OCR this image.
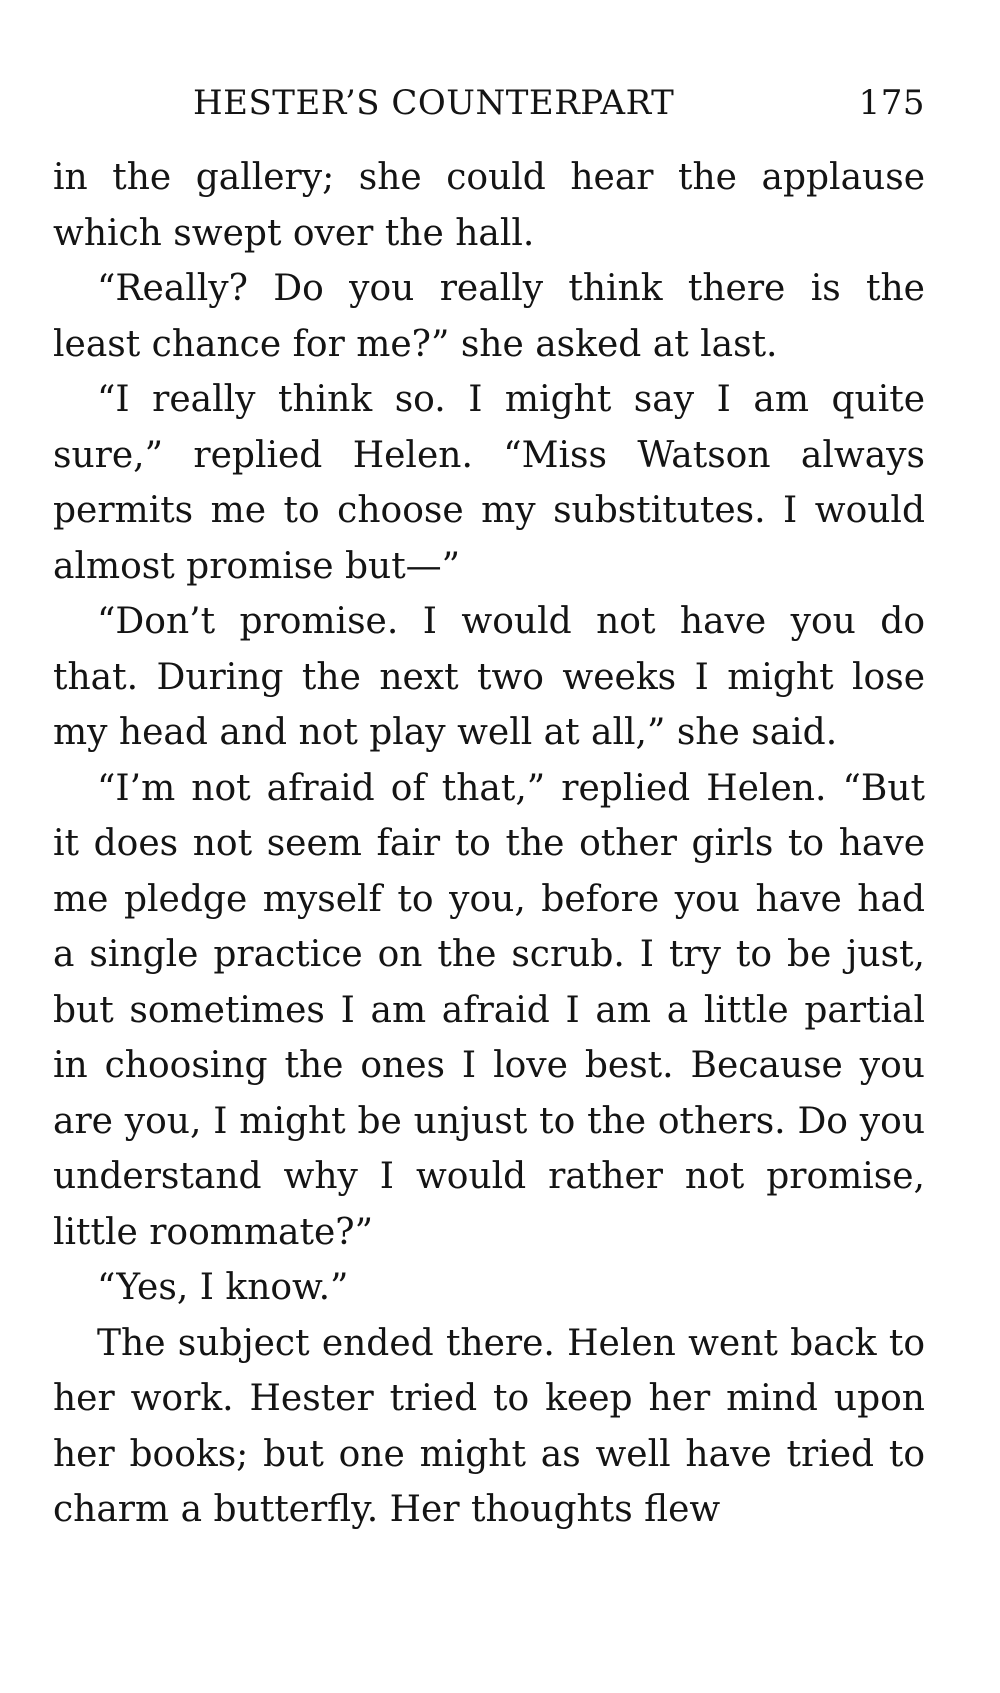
HESTER’S COUNTERPART	175

in the gallery; she could hear the applause which swept over the hall.

“Really? Do you really think there is the least chance for me?” she asked at last.

“I really think so. I might say I am quite sure,” replied Helen. “Miss Watson always permits me to choose my substitutes. I would almost promise but—”

“Don’t promise. I would not have you do that. During the next two weeks I might lose my head and not play well at all,” she said.

“I’m not afraid of that,” replied Helen. “But it does not seem fair to the other girls to have me pledge myself to you, before you have had a single practice on the scrub. I try to be just, but sometimes I am afraid I am a little partial in choosing the ones I love best. Because you are you, I might be unjust to the others. Do you understand why I would rather not promise, little roommate?”

“Yes, I know.”

The subject ended there. Helen went back to her work. Hester tried to keep her mind upon her books; but one might as well have tried to charm a butterfly. Her thoughts flew
